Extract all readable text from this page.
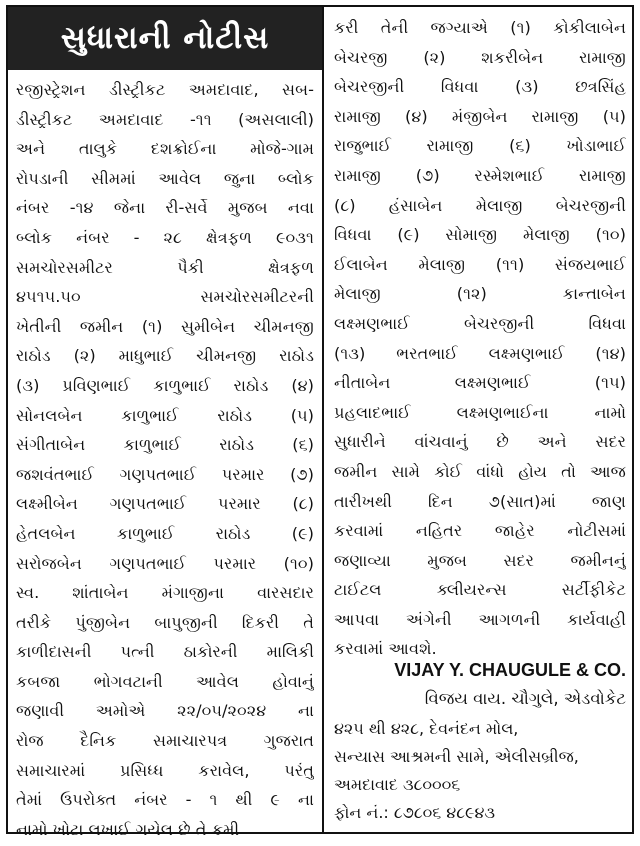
સુધારાની નોટીસ
રજીસ્ટ્રેશન ડીસ્ટ્રીકટ અમદાવાદ, સબ-
ડીસ્ટ્રીકટ અમદાવાદ -૧૧ (અસલાલી)
અને તાલુકે દશક્રોઈના મોજે-ગામ
રોપડાની સીમમાં આવેલ જુના બ્લોક
નંબર -૧૪ જેના રી-સર્વે મુજબ નવા
બ્લોક નંબર - ૨૮ ક્ષેત્રફળ ૯૦૩૧
સમચોરસમીટર પૈકી ક્ષેત્રફળ
૪૫૧૫.૫૦ સમચોરસમીટરની
ખેતીની જમીન (૧) સુમીબેન ચીમનજી
રાઠોડ (૨) માધુભાઈ ચીમનજી રાઠોડ
(૩) પ્રવિણભાઈ કાળુભાઈ રાઠોડ (૪)
સોનલબેન કાળુભાઈ રાઠોડ (૫)
સંગીતાબેન કાળુભાઈ રાઠોડ (૬)
જશવંતભાઈ ગણપતભાઈ પરમાર (૭)
લક્ષ્મીબેન ગણપતભાઈ પરમાર (૮)
હેતલબેન કાળુભાઈ રાઠોડ (૯)
સરોજબેન ગણપતભાઈ પરમાર (૧૦)
સ્વ. શાંતાબેન મંગાજીના વારસદાર
તરીકે પુંજીબેન બાપુજીની દિકરી તે
કાળીદાસની પત્ની ઠાકોરની માલિકી
કબજા ભોગવટાની આવેલ હોવાનું
જણાવી અમોએ ૨૨/૦૫/૨૦૨૪ ના
રોજ દૈનિક સમાચારપત્ર ગુજરાત
સમાચારમાં પ્રસિધ્ધ કરાવેલ, પરંતુ
તેમાં ઉપરોક્ત નંબર - ૧ થી ૯ ના
નામો ખોટા લખાઈ ગયેલ છે તે કમી
કરી તેની જગ્યાએ (૧) કોકીલાબેન
બેચરજી (૨) શકરીબેન રામાજી
બેચરજીની વિધવા (૩) છત્રસિંહ
રામાજી (૪) મંજીબેન રામાજી (૫)
રાજુભાઈ રામાજી (૬) ખોડાભાઈ
રામાજી (૭) રસ્મેશભાઈ રામાજી
(૮) હંસાબેન મેલાજી બેચરજીની
વિધવા (૯) સોમાજી મેલાજી (૧૦)
ઈલાબેન મેલાજી (૧૧) સંજયભાઈ
મેલાજી (૧૨) કાન્તાબેન
લક્ષ્મણભાઈ બેચરજીની વિધવા
(૧૩) ભરતભાઈ લક્ષ્મણભાઈ (૧૪)
નીતાબેન લક્ષ્મણભાઈ (૧૫)
પ્રહલાદભાઈ લક્ષ્મણભાઈના નામો
સુધારીને વાંચવાનું છે અને સદર
જમીન સામે કોઈ વાંધો હોય તો આજ
તારીખથી દિન ૭(સાત)માં જાણ
કરવામાં નહિતર જાહેર નોટીસમાં
જણાવ્યા મુજબ સદર જમીનનું
ટાઈટલ ક્લીયરન્સ સર્ટીફીકેટ
આપવા અંગેની આગળની કાર્યવાહી
કરવામાં આવશે.
VIJAY Y. CHAUGULE & CO.
વિજય વાય. ચૌગુલે, એડવોકેટ
૪૨૫ થી ૪૨૮, દેવનંદન મોલ,
સન્યાસ આશ્રમની સામે, એલીસબ્રીજ,
અમદાવાદ ૩૮૦૦૦૬
ફોન નં.: ૮૭૮૦૬ ૪૮૯૪૩
